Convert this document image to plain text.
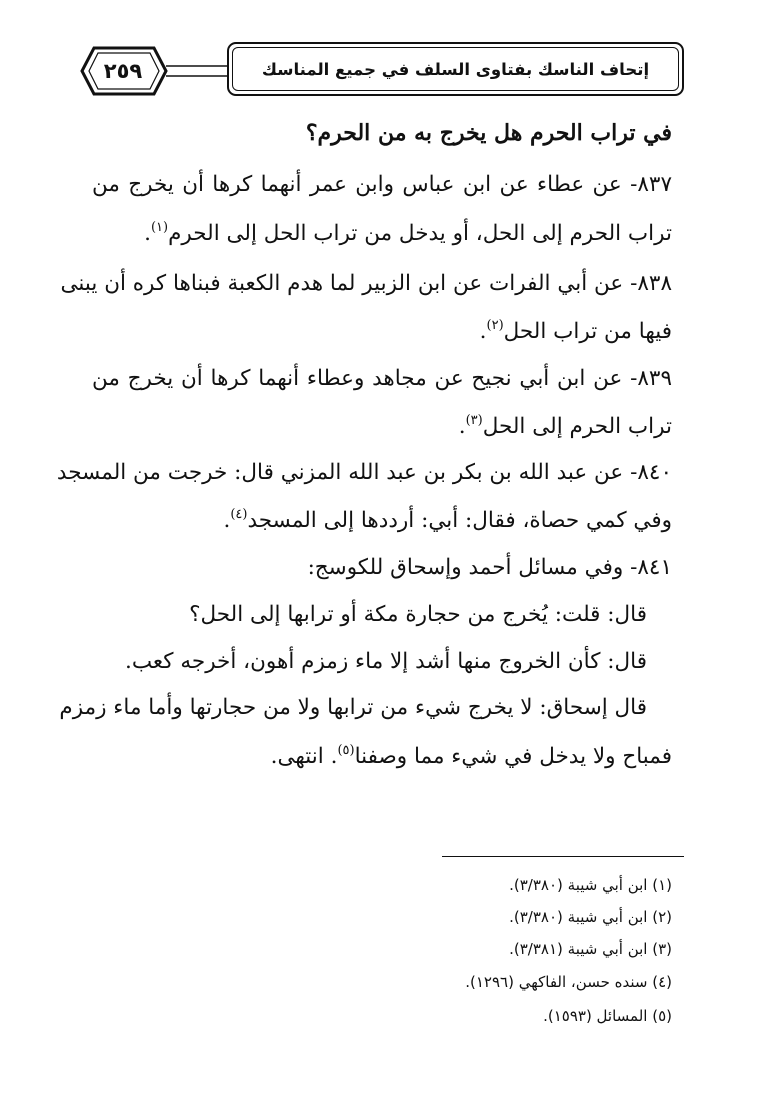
٢٥٩	إتحاف الناسك بفتاوى السلف في جميع المناسك
في تراب الحرم هل يخرج به من الحرم؟
٨٣٧- عن عطاء عن ابن عباس وابن عمر أنهما كرها أن يخرج من
تراب الحرم إلى الحل، أو يدخل من تراب الحل إلى الحرم$^{(١)}$.
٨٣٨- عن أبي الفرات عن ابن الزبير لما هدم الكعبة فبناها كره أن يبنى
فيها من تراب الحل$^{(٢)}$.
٨٣٩- عن ابن أبي نجيح عن مجاهد وعطاء أنهما كرها أن يخرج من
تراب الحرم إلى الحل$^{(٣)}$.
٨٤٠- عن عبد الله بن بكر بن عبد الله المزني قال: خرجت من المسجد
وفي كمي حصاة، فقال: أبي: أرددها إلى المسجد$^{(٤)}$.
٨٤١- وفي مسائل أحمد وإسحاق للكوسج:
قال: قلت: يُخرج من حجارة مكة أو ترابها إلى الحل؟
قال: كأن الخروج منها أشد إلا ماء زمزم أهون، أخرجه كعب.
قال إسحاق: لا يخرج شيء من ترابها ولا من حجارتها وأما ماء زمزم
فمباح ولا يدخل في شيء مما وصفنا$^{(٥)}$. انتهى.
(١) ابن أبي شيبة (٣/٣٨٠).
(٢) ابن أبي شيبة (٣/٣٨٠).
(٣) ابن أبي شيبة (٣/٣٨١).
(٤) سنده حسن، الفاكهي (١٢٩٦).
(٥) المسائل (١٥٩٣).
